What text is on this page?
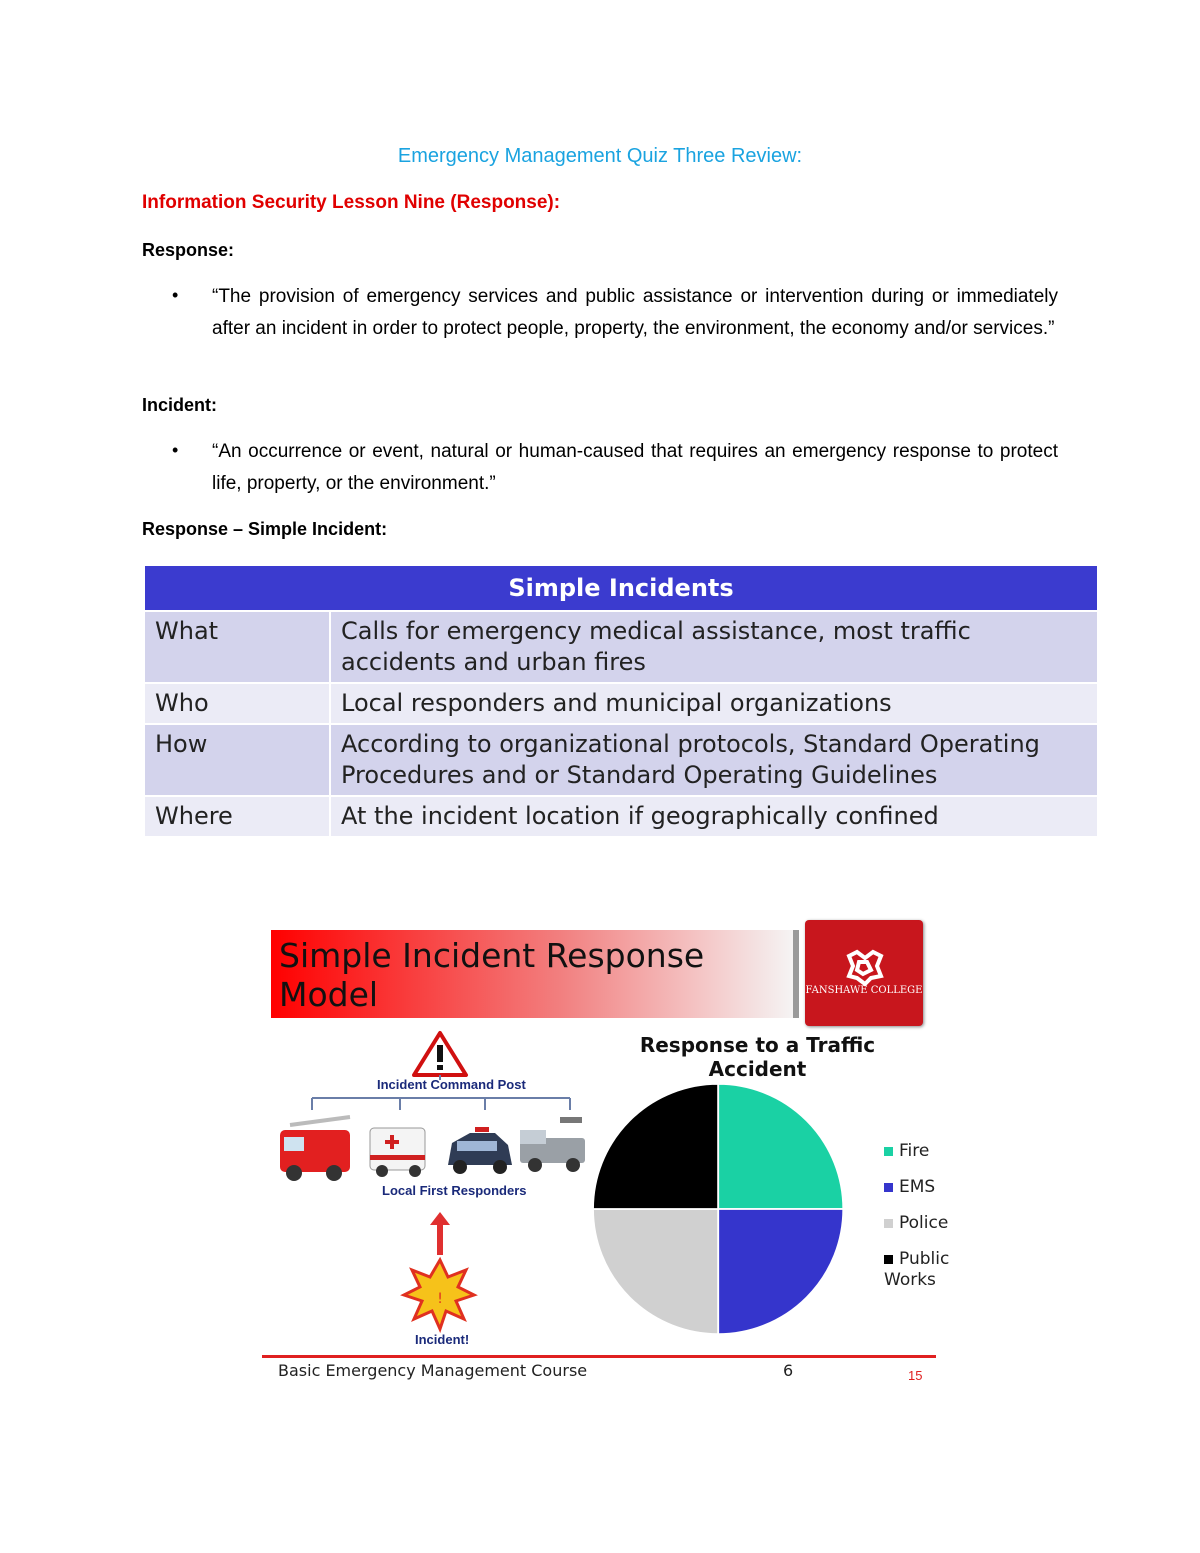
Emergency Management Quiz Three Review:
Information Security Lesson Nine (Response):
Response:
• “The provision of emergency services and public assistance or intervention during or immediately after an incident in order to protect people, property, the environment, the economy and/or services.”
Incident:
• “An occurrence or event, natural or human-caused that requires an emergency response to protect life, property, or the environment.”
Response – Simple Incident:
Simple Incidents	
What	Calls for emergency medical assistance, most traffic accidents and urban fires
Who	Local responders and municipal organizations
How	According to organizational protocols, Standard Operating Procedures and or Standard Operating Guidelines
Where	At the incident location if geographically confined
Simple Incident Response Model	FANSHAWE COLLEGE
!
Incident Command Post
Local First Responders
Incident!
Response to a Traffic Accident
Fire
EMS
Police
Public Works
Basic Emergency Management Course	6	15
